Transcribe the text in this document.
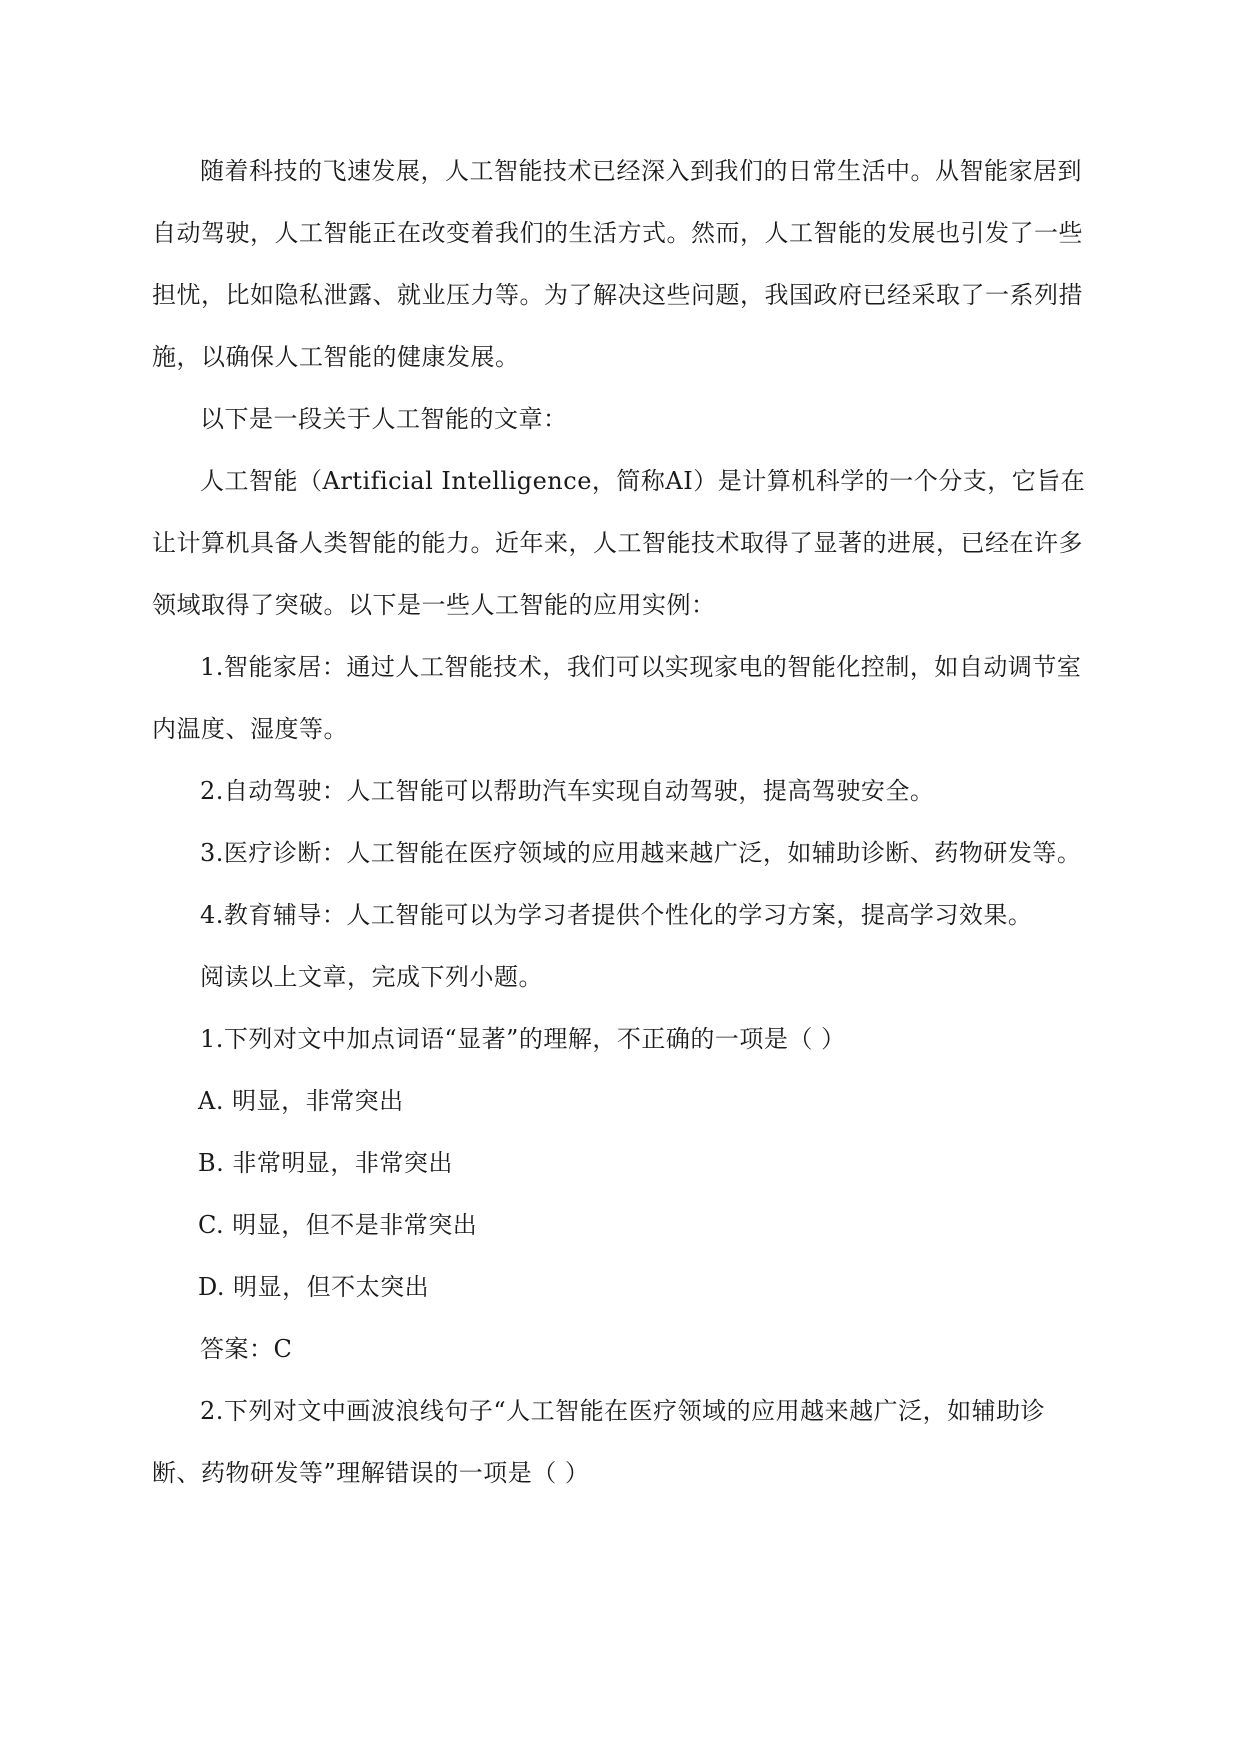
随着科技的飞速发展，人工智能技术已经深入到我们的日常生活中。从智能家居到自动驾驶，人工智能正在改变着我们的生活方式。然而，人工智能的发展也引发了一些担忧，比如隐私泄露、就业压力等。为了解决这些问题，我国政府已经采取了一系列措施，以确保人工智能的健康发展。

以下是一段关于人工智能的文章：

人工智能（Artificial Intelligence，简称AI）是计算机科学的一个分支，它旨在让计算机具备人类智能的能力。近年来，人工智能技术取得了显著的进展，已经在许多领域取得了突破。以下是一些人工智能的应用实例：

1.智能家居：通过人工智能技术，我们可以实现家电的智能化控制，如自动调节室内温度、湿度等。

2.自动驾驶：人工智能可以帮助汽车实现自动驾驶，提高驾驶安全。

3.医疗诊断：人工智能在医疗领域的应用越来越广泛，如辅助诊断、药物研发等。

4.教育辅导：人工智能可以为学习者提供个性化的学习方案，提高学习效果。

阅读以上文章，完成下列小题。

1.下列对文中加点词语“显著”的理解，不正确的一项是（ ）

A. 明显，非常突出

B. 非常明显，非常突出

C. 明显，但不是非常突出

D. 明显，但不太突出

答案：C

2.下列对文中画波浪线句子“人工智能在医疗领域的应用越来越广泛，如辅助诊断、药物研发等”理解错误的一项是（ ）
